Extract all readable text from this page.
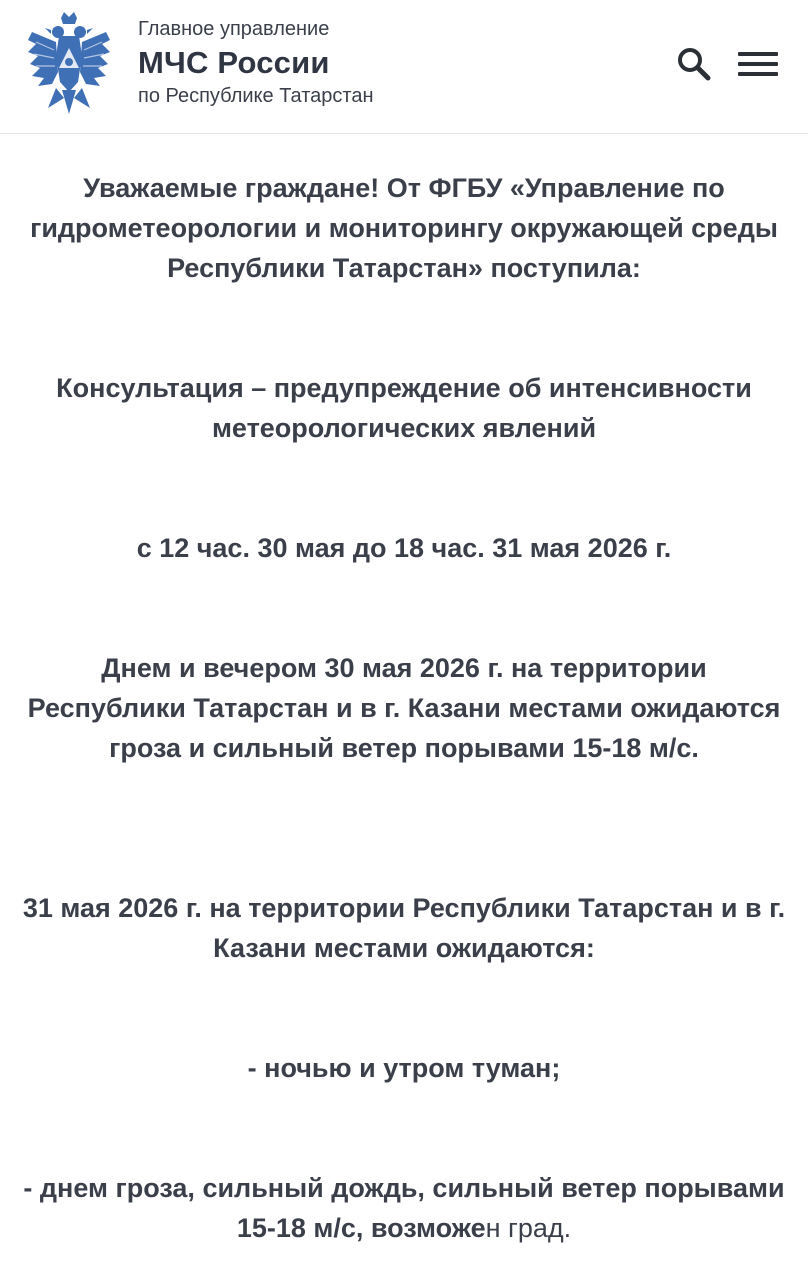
Главное управление
МЧС России
по Республике Татарстан

Уважаемые граждане! От ФГБУ «Управление по гидрометеорологии и мониторингу окружающей среды Республики Татарстан» поступила:

Консультация – предупреждение об интенсивности метеорологических явлений

с 12 час. 30 мая до 18 час. 31 мая 2026 г.

Днем и вечером 30 мая 2026 г. на территории Республики Татарстан и в г. Казани местами ожидаются гроза и сильный ветер порывами 15-18 м/с.

31 мая 2026 г. на территории Республики Татарстан и в г. Казани местами ожидаются:

- ночью и утром туман;

- днем гроза, сильный дождь, сильный ветер порывами 15-18 м/с, возможен град.
